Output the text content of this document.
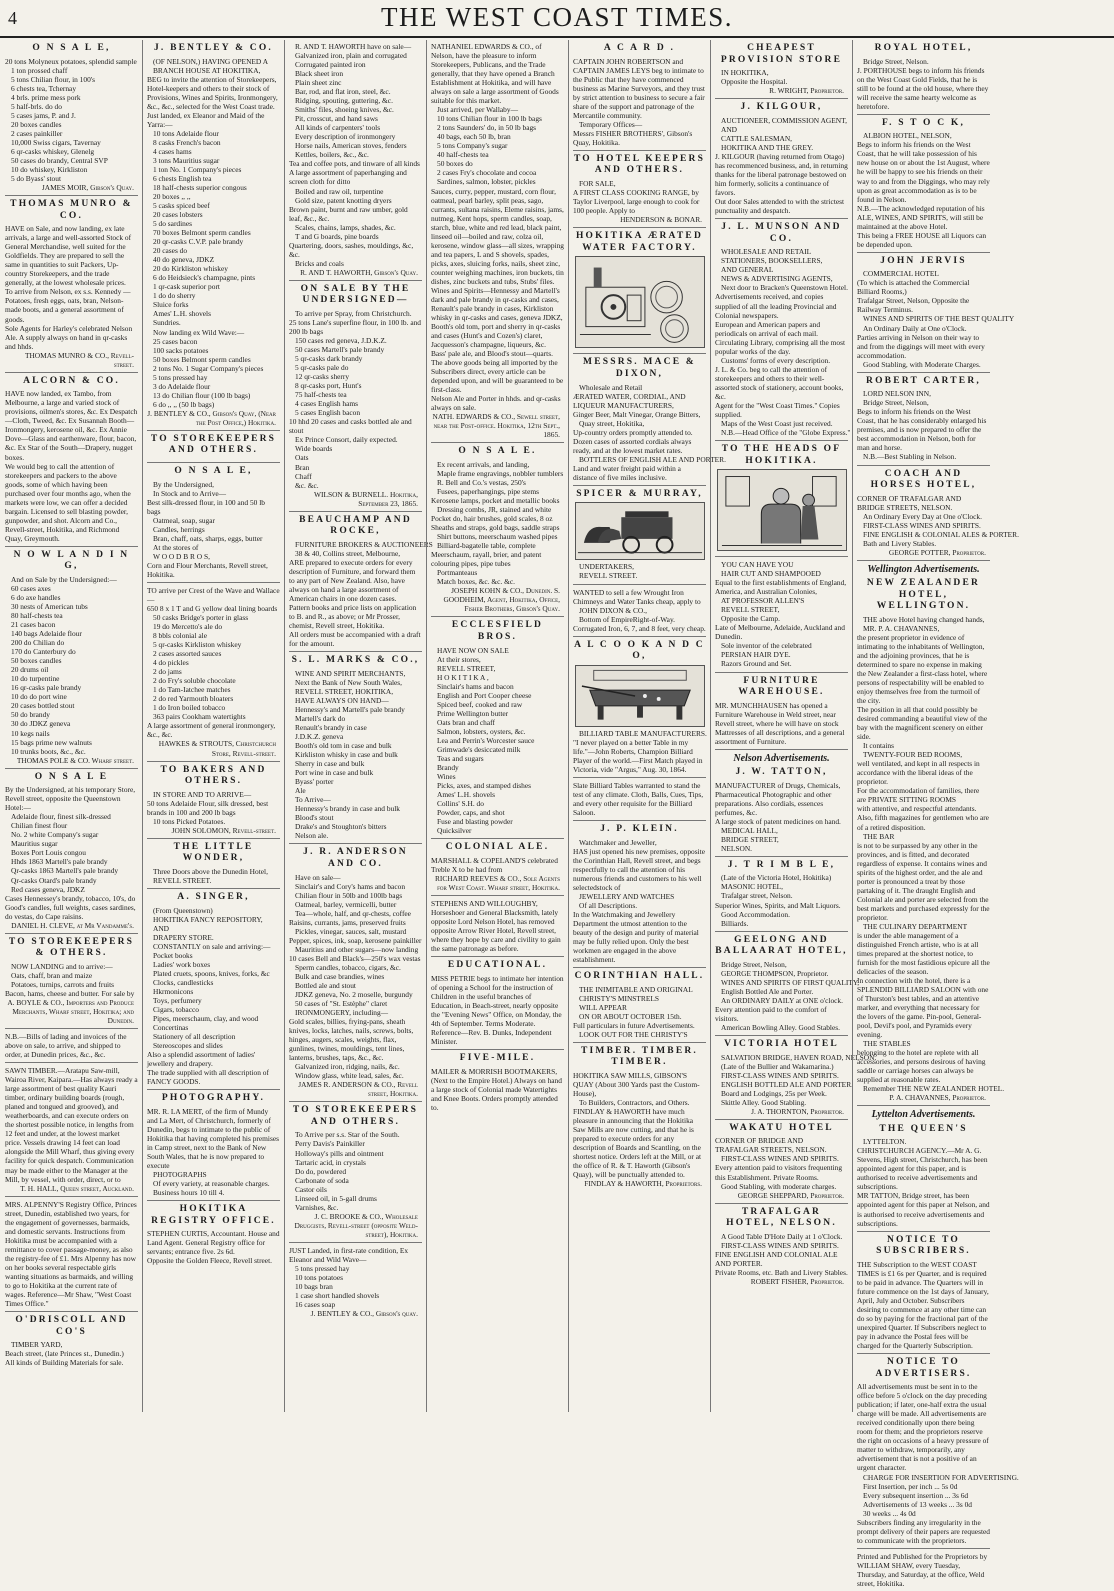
4	THE WEST COAST TIMES.
O N S A L E,
20 tons Molyneux potatoes, splendid sample
1 ton prossed chaff
5 tons Chilian flour, in 100's
6 chests tea, Tchernay
4 brls. prime mess pork
5 half-brls. do do
5 cases jams, P. and J.
20 boxes candles
2 cases painkiller
10,000 Swiss cigars, Tavernay
6 qr-casks whiskey, Glenelg
50 cases do brandy, Central SVP
10 do whiskey, Kirkliston
5 do Byass' stout
JAMES MOIR, Gibson's Quay.
THOMAS MUNRO & CO.
HAVE on Sale, and now landing, ex late arrivals, a large and well-assorted Stock of General Merchandise, well suited for the Goldfields. They are prepared to sell the same in quantities to suit Packers, Up-country Storekeepers, and the trade generally, at the lowest wholesale prices.
To arrive from Nelson, ex s.s. Kennedy —Potatoes, fresh eggs, oats, bran, Nelson-made boots, and a general assortment of goods.
Sole Agents for Harley's celebrated Nelson Ale. A supply always on hand in qr-casks and hhds.
THOMAS MUNRO & CO., Revell-street.
ALCORN & CO.
HAVE now landed, ex Tambo, from Melbourne, a large and varied stock of provisions, oilmen's stores, &c. Ex Despatch—Cloth, Tweed, &c. Ex Susannah Booth—Ironmongery, kerosene oil, &c. Ex Annie Dove—Glass and earthenware, flour, bacon, &c. Ex Star of the South—Drapery, nugget boxes.
We would beg to call the attention of storekeepers and packers to the above goods, some of which having been purchased over four months ago, when the markets were low, we can offer a decided bargain. Licensed to sell blasting powder, gunpowder, and shot. Alcorn and Co., Revell-street, Hokitika, and Richmond Quay, Greymouth.
N O W L A N D I N G,
And on Sale by the Undersigned:—
60 cases axes
6 do axe handles
30 nests of American tubs
80 half-chests tea
21 cases bacon
140 bags Adelaide flour
200 do Chilian do
170 do Canterbury do
50 boxes candles
20 drums oil
10 do turpentine
16 qr-casks pale brandy
10 do do port wine
20 cases bottled stout
50 do brandy
30 do JDKZ geneva
10 kegs nails
15 bags prime new walnuts
10 trunks boots, &c., &c.
THOMAS POLE & CO. Wharf street.
O N S A L E
By the Undersigned, at his temporary Store, Revell street, opposite the Queenstown Hotel:—
Adelaide flour, finest silk-dressed
Chilian finest flour
No. 2 white Company's sugar
Mauritius sugar
Boxes Port Louis congou
Hhds 1863 Martell's pale brandy
Qr-casks 1863 Martell's pale brandy
Qr-casks Otard's pale brandy
Red cases geneva, JDKZ
Cases Hennessey's brandy, tobacco, 10's, do Good's candles, full weights, cases sardines, do vestas, do Cape raisins.
DANIEL H. CLEVE, at Mr Vandamme's.
TO STOREKEEPERS & OTHERS.
NOW LANDING and to arrive:—
Oats, chaff, bran and maize
Potatoes, turnips, carrots and fruits
Bacon, hams, cheese and butter. For sale by
A. BOYLE & CO., Importers and Produce Merchants, Wharf street, Hokitika; and Dunedin.
N.B.—Bills of lading and invoices of the above on sale, to arrive, and shipped to order, at Dunedin prices, &c., &c.
SAWN TIMBER.—Aratapu Saw-mill, Wairoa River, Kaipara.—Has always ready a large assortment of best quality Kauri timber, ordinary building boards (rough, planed and tongued and grooved), and weatherboards, and can execute orders on the shortest possible notice, in lengths from 12 feet and under, at the lowest market price. Vessels drawing 14 feet can load alongside the Mill Wharf, thus giving every facility for quick despatch. Communication may be made either to the Manager at the Mill, by vessel, with order, direct, or to
T. H. HALL, Queen street, Auckland.
MRS. ALPENNY'S Registry Office, Princes street, Dunedin, established two years, for the engagement of governesses, barmaids, and domestic servants. Instructions from Hokitika must be accompanied with a remittance to cover passage-money, as also the registry-fee of £1. Mrs Alpenny has now on her books several respectable girls wanting situations as barmaids, and willing to go to Hokitika at the current rate of wages. Reference—Mr Shaw, "West Coast Times Office."
O'DRISCOLL AND CO'S
TIMBER YARD,
Beach street, (late Princes st., Dunedin.)
All kinds of Building Materials for sale.
J. BENTLEY & CO.
(OF NELSON,) HAVING OPENED A
BRANCH HOUSE AT HOKITIKA,
BEG to invite the attention of Storekeepers, Hotel-keepers and others to their stock of Provisions, Wines and Spirits, Ironmongery, &c., &c., selected for the West Coast trade.
Just landed, ex Eleanor and Maid of the Yarra:—
10 tons Adelaide flour
8 casks French's bacon
4 cases hams
3 tons Mauritius sugar
1 ton No. 1 Company's pieces
6 chests English tea
18 half-chests superior congous
20 boxes ,, ,,
5 casks spiced beef
20 cases lobsters
5 do sardines
70 boxes Belmont sperm candles
20 qr-casks C.V.P. pale brandy
20 cases do
40 do geneva, JDKZ
20 do Kirkliston whiskey
6 do Heidsieck's champagne, pints
1 qr-cask superior port
1 do do sherry
Sluice forks
Ames' L.H. shovels
Sundries.
Now landing ex Wild Wave:—
25 cases bacon
100 sacks potatoes
50 boxes Belmont sperm candles
2 tons No. 1 Sugar Company's pieces
5 tons pressed hay
3 do Adelaide flour
13 do Chilian flour (100 lb bags)
6 do ,, ,, (50 lb bags)
J. BENTLEY & CO., Gibson's Quay, (Near the Post Office,) Hokitika.
TO STOREKEEPERS AND OTHERS.
O N S A L E,
By the Undersigned,
In Stock and to Arrive—
Best silk-dressed flour, in 100 and 50 lb bags
Oatmeal, soap, sugar
Candles, herrings
Bran, chaff, oats, sharps, eggs, butter
At the stores of
W O O D B R O S,
Corn and Flour Merchants, Revell street, Hokitika.
TO arrive per Crest of the Wave and Wallace—
650 8 x 1 T and G yellow deal lining boards
50 casks Bridge's porter in glass
19 do Mercetto's ale do
8 bbls colonial ale
5 qr-casks Kirkliston whiskey
2 cases assorted sauces
4 do pickles
2 do jams
2 do Fry's soluble chocolate
1 do Tam-Iatchee matches
2 do red Yarmouth bloaters
1 do Iron boiled tobacco
363 pairs Cookham watertights
A large assortment of general ironmongery, &c., &c.
HAWKES & STROUTS, Christchurch Store, Revell-street.
TO BAKERS AND OTHERS.
IN STORE AND TO ARRIVE—
50 tons Adelaide Flour, silk dressed, best brands in 100 and 200 lb bags
10 tons Picked Potatoes.
JOHN SOLOMON, Revell-street.
THE LITTLE WONDER,
Three Doors above the Dunedin Hotel,
REVELL STREET.
A. SINGER,
(From Queenstown)
HOKITIKA FANCY REPOSITORY,
AND
DRAPERY STORE.
CONSTANTLY on sale and arriving:—
Pocket books
Ladies' work boxes
Plated cruets, spoons, knives, forks, &c
Clocks, candlesticks
Hkrmonicons
Toys, perfumery
Cigars, tobacco
Pipes, meerschaum, clay, and wood
Concertinas
Stationery of all description
Stereoscopes and slides
Also a splendid assortment of ladies' jewellery and drapery.
The trade supplied with all description of FANCY GOODS.
PHOTOGRAPHY.
MR. R. LA MERT, of the firm of Mundy and La Mert, of Christchurch, formerly of Dunedin, begs to intimate to the public of Hokitika that having completed his premises in Camp street, next to the Bank of New South Wales, that he is now prepared to execute
PHOTOGRAPHS
Of every variety, at reasonable charges.
Business hours 10 till 4.
HOKITIKA REGISTRY OFFICE.
STEPHEN CURTIS, Accountant. House and Land Agent. General Registry office for servants; entrance five. 2s 6d.
Opposite the Golden Fleece, Revell street.
R. AND T. HAWORTH have on sale—
Galvanized iron, plain and corrugated
Corrugated painted iron
Black sheet iron
Plain sheet zinc
Bar, rod, and flat iron, steel, &c.
Ridging, spouting, guttering, &c.
Smiths' files, shoeing knives, &c.
Pit, crosscut, and hand saws
All kinds of carpenters' tools
Every description of ironmongery
Horse nails, American stoves, fenders
Kettles, boilers, &c., &c.
Tea and coffee pots, and tinware of all kinds
A large assortment of paperhanging and screen cloth for ditto
Boiled and raw oil, turpentine
Gold size, patent knotting dryers
Brown paint, burnt and raw umber, gold leaf, &c., &c.
Scales, chains, lamps, shades, &c.
T and G boards, pine boards
Quartering, doors, sashes, mouldings, &c, &c.
Bricks and coals
R. AND T. HAWORTH, Gibson's Quay.
ON SALE BY THE UNDERSIGNED—
To arrive per Spray, from Christchurch.
25 tons Lane's superfine flour, in 100 lb. and 200 lb bags
150 cases red geneva, J.D.K.Z.
50 cases Martell's pale brandy
5 qr-casks dark brandy
5 qr-casks pale do
12 qr-casks sherry
8 qr-casks port, Hunt's
75 half-chests tea
4 cases English hams
5 cases English bacon
10 hhd 20 cases and casks bottled ale and stout
Ex Prince Consort, daily expected.
Wide boards
Oats
Bran
Chaff
&c. &c.
WILSON & BURNELL. Hokitika, September 23, 1865.
BEAUCHAMP AND ROCKE,
FURNITURE BROKERS & AUCTIONEERS
38 & 40, Collins street, Melbourne,
ARE prepared to execute orders for every description of Furniture, and forward them to any part of New Zealand. Also, have always on hand a large assortment of American chairs in one dozen cases.
Pattern books and price lists on application to B. and R., as above; or Mr Prosser, chemist, Revell street, Hokitika.
All orders must be accompanied with a draft for the amount.
S. L. MARKS & CO.,
WINE AND SPIRIT MERCHANTS,
Next the Bank of New South Wales,
REVELL STREET, HOKITIKA,
HAVE ALWAYS ON HAND—
Hennessy's and Martell's pale brandy
Martell's dark do
Renault's brandy in case
J.D.K.Z. geneva
Booth's old tom in case and bulk
Kirkliston whisky in case and bulk
Sherry in case and bulk
Port wine in case and bulk
Byass' porter
Ale
To Arrive—
Hennessy's brandy in case and bulk
Blood's stout
Drake's and Stoughton's bitters
Nelson ale.
J. R. ANDERSON AND CO.
Have on sale—
Sinclair's and Cory's hams and bacon
Chilian flour in 50lb and 100lb bags
Oatmeal, barley, vermicelli, butter
Tea—whole, half, and qr-chests, coffee
Raisins, currants, jams, preserved fruits
Pickles, vinegar, sauces, salt, mustard
Pepper, spices, ink, soap, kerosene painkiller
Mauritius and other sugars—now landing
10 cases Bell and Black's—250's wax vestas
Sperm candles, tobacco, cigars, &c.
Bulk and case brandies, wines
Bottled ale and stout
JDKZ geneva, No. 2 moselle, burgundy
50 cases of "St. Estèphe" claret
IRONMONGERY, including—
Gold scales, billies, frying-pans, sheath knives, locks, latches, nails, screws, bolts, hinges, augers, scales, weights, flax, gunlines, twines, mouldings, tent lines, lanterns, brushes, taps, &c., &c.
Galvanized iron, ridging, nails, &c.
Window glass, white lead, sales, &c.
JAMES R. ANDERSON & CO., Revell street, Hokitika.
TO STOREKEEPERS AND OTHERS.
To Arrive per s.s. Star of the South.
Perry Davis's Painkiller
Holloway's pills and ointment
Tartaric acid, in crystals
Do do, powdered
Carbonate of soda
Castor oils
Linseed oil, in 5-gall drums
Varnishes, &c.
J. C. BROOKE & CO., Wholesale Druggists, Revell-street (opposite Weld-street), Hokitika.
JUST Landed, in first-rate condition, Ex Eleanor and Wild Wave—
5 tons pressed hay
10 tons potatoes
10 bags bran
1 case short handled shovels
16 cases soap
J. BENTLEY & CO., Gibson's quay.
NATHANIEL EDWARDS & CO., of Nelson, have the pleasure to inform Storekeepers, Publicans, and the Trade generally, that they have opened a Branch Establishment at Hokitika, and will have always on sale a large assortment of Goods suitable for this market.
Just arrived, per Wallaby—
10 tons Chilian flour in 100 lb bags
2 tons Saunders' do, in 50 lb bags
40 bags, each 50 lb, bran
5 tons Company's sugar
40 half-chests tea
50 boxes do
2 cases Fry's chocolate and cocoa
Sardines, salmon, lobster, pickles
Sauces, curry, pepper, mustard, corn flour, oatmeal, pearl barley, split peas, sago, currants, sultana raisins, Eleme raisins, jams, nutmeg, Kent hops, sperm candles, soap, starch, blue, white and red lead, black paint, linseed oil—boiled and raw, colza oil, kerosene, window glass—all sizes, wrapping and tea papers, L and S shovels, spades, picks, axes, sluicing forks, nails, sheet zinc, counter weighing machines, iron buckets, tin dishes, zinc buckets and tubs, Stubs' files.
Wines and Spirits—Hennessy and Martell's dark and pale brandy in qr-casks and cases, Renault's pale brandy in cases, Kirkliston whisky in qr-casks and cases, geneva JDKZ, Booth's old tom, port and sherry in qr-casks and cases (Hunt's and Cozen's) claret, Jacquesson's champagne, liqueurs, &c.
Bass' pale ale, and Blood's stout—quarts.
The above goods being all imported by the Subscribers direct, every article can be depended upon, and will be guaranteed to be first-class.
Nelson Ale and Porter in hhds. and qr-casks always on sale.
NATH. EDWARDS & CO., Sewell street, near the Post-office. Hokitika, 12th Sept., 1865.
O N S A L E.
Ex recent arrivals, and landing,
Maple frame engravings, nobbler tumblers
R. Bell and Co.'s vestas, 250's
Fusees, paperhangings, pipe stems
Kerosene lamps, pocket and metallic books
Dressing combs, JR, stained and white
Pocket do, hair brushes, gold scales, 8 oz
Sheaths and straps, gold bags, saddle straps
Shirt buttons, meerschaum washed pipes
Billiard-bagatelle table, complete
Meerschaum, rayall, brier, and patent colouring pipes, pipe tubes
Portmanteaus
Match boxes, &c. &c. &c.
JOSEPH KOHN & CO., Dunedin. S. GOODHEIM, Agent, Hokitika, Office, Fisher Brothers, Gibson's Quay.
ECCLESFIELD BROS.
HAVE NOW ON SALE
At their stores,
REVELL STREET,
H O K I T I K A ,
Sinclair's hams and bacon
English and Port Cooper cheese
Spiced beef, cooked and raw
Prime Wellington butter
Oats bran and chaff
Salmon, lobsters, oysters, &c.
Lea and Perrin's Worcester sauce
Grimwade's desiccated milk
Teas and sugars
Brandy
Wines
Picks, axes, and stamped dishes
Ames' L.H. shovels
Collins' S.H. do
Powder, caps, and shot
Fuse and blasting powder
Quicksilver
COLONIAL ALE.
MARSHALL & COPELAND'S celebrated Treble X to be had from
RICHARD REEVES & CO., Sole Agents for West Coast. Wharf street, Hokitika.
STEPHENS AND WILLOUGHBY, Horseshoer and General Blacksmith, lately opposite Lord Nelson Hotel, has removed opposite Arrow River Hotel, Revell street, where they hope by care and civility to gain the same patronage as before.
EDUCATIONAL.
MISS PETRIE begs to intimate her intention of opening a School for the instruction of Children in the useful branches of Education, in Beach-street, nearly opposite the "Evening News" Office, on Monday, the 4th of September. Terms Moderate. Reference—Rev. B. Dunks, Independent Minister.
FIVE-MILE.
MAILER & MORRISH BOOTMAKERS, (Next to the Empire Hotel.) Always on hand a large stock of Colonial made Watertights and Knee Boots. Orders promptly attended to.
A C A R D .
CAPTAIN JOHN ROBERTSON and CAPTAIN JAMES LEYS beg to intimate to the Public that they have commenced business as Marine Surveyors, and they trust by strict attention to business to secure a fair share of the support and patronage of the Mercantile community.
Temporary Offices—
Messrs FISHER BROTHERS', Gibson's Quay, Hokitika.
TO HOTEL KEEPERS AND OTHERS.
FOR SALE,
A FIRST CLASS COOKING RANGE, by Taylor Liverpool, large enough to cook for 100 people. Apply to
HENDERSON & BONAR.
HOKITIKA ÆRATED WATER FACTORY.
MESSRS. MACE & DIXON,
Wholesale and Retail
ÆRATED WATER, CORDIAL, AND LIQUEUR MANUFACTURERS,
Ginger Beer, Malt Vinegar, Orange Bitters,
Quay street, Hokitika,
Up-country orders promptly attended to. Dozen cases of assorted cordials always ready, and at the lowest market rates.
BOTTLERS OF ENGLISH ALE AND PORTER.
Land and water freight paid within a distance of five miles inclusive.
SPICER & MURRAY,
UNDERTAKERS,
REVELL STREET.
WANTED to sell a few Wrought Iron Chimneys and Water Tanks cheap, apply to
JOHN DIXON & CO.,
Bottom of EmpireRight-of-Way.
Corrugated Iron, 6, 7, and 8 feet, very cheap.
A L C O O K A N D C O,
BILLIARD TABLE MANUFACTURERS.
"I never played on a better Table in my life."—John Roberts, Champion Billiard Player of the world.—First Match played in Victoria, vide "Argus," Aug. 30, 1864.
Slate Billiard Tables warranted to stand the test of any climate. Cloth, Balls, Cues, Tips, and every other requisite for the Billiard Saloon.
J. P. KLEIN.
Watchmaker and Jeweller,
HAS just opened his new premises, opposite the Corinthian Hall, Revell street, and begs respectfully to call the attention of his numerous friends and customers to his well selectedstock of
JEWELLERY AND WATCHES
Of all Descriptions.
In the Watchmaking and Jewellery Department the utmost attention to the beauty of the design and purity of material may be fully relied upon. Only the best workmen are engaged in the above establishment.
CORINTHIAN HALL.
THE INIMITABLE AND ORIGINAL
CHRISTY'S MINSTRELS
WILL APPEAR
ON OR ABOUT OCTOBER 15th.
Full particulars in future Advertisements.
LOOK OUT FOR THE CHRISTY'S
TIMBER. TIMBER. TIMBER.
HOKITIKA SAW MILLS, GIBSON'S QUAY (About 300 Yards past the Custom-House),
To Builders, Contractors, and Others.
FINDLAY & HAWORTH have much pleasure in announcing that the Hokitika Saw Mills are now cutting, and that he is prepared to execute orders for any description of Boards and Scantling, on the shortest notice. Orders left at the Mill, or at the office of R. & T. Haworth (Gibson's Quay), will be punctually attended to.
FINDLAY & HAWORTH, Proprietors.
CHEAPEST PROVISION STORE
IN HOKITIKA,
Opposite the Hospital.
R. WRIGHT, Proprietor.
J. KILGOUR,
AUCTIONEER, COMMISSION AGENT,
AND
CATTLE SALESMAN,
HOKITIKA AND THE GREY.
J. KILGOUR (having returned from Otago) has recommenced business, and, in returning thanks for the liberal patronage bestowed on him formerly, solicits a continuance of favors.
Out door Sales attended to with the strictest punctuality and despatch.
J. L. MUNSON AND CO.
WHOLESALE AND RETAIL
STATIONERS, BOOKSELLERS,
AND GENERAL
NEWS & ADVERTISING AGENTS,
Next door to Bracken's Queenstown Hotel.
Advertisements received, and copies supplied of all the leading Provincial and Colonial newspapers.
European and American papers and periodicals on arrival of each mail.
Circulating Library, comprising all the most popular works of the day.
Customs' forms of every description.
J. L. & Co. beg to call the attention of storekeepers and others to their well-assorted stock of stationery, account books, &c.
Agent for the "West Coast Times." Copies supplied.
Maps of the West Coast just received.
N.B.—Head Office of the "Globe Express."
TO THE HEADS OF HOKITIKA.
YOU CAN HAVE YOU
HAIR CUT AND SHAMPOOED
Equal to the first establishments of England, America, and Australian Colonies,
AT PROFESSOR ALLEN'S
REVELL STREET,
Opposite the Camp.
Late of Melbourne, Adelaide, Auckland and Dunedin.
Sole inventor of the celebrated
PERSIAN HAIR DYE.
Razors Ground and Set.
FURNITURE WAREHOUSE.
MR. MUNCHHAUSEN has opened a Furniture Warehouse in Weld street, near Revell street, where he will have on stock Mattresses of all descriptions, and a general assortment of Furniture.
Nelson Advertisements.
J. W. TATTON,
MANUFACTURER of Drugs, Chemicals, Pharmaceutical Photographic and other preparations. Also cordials, essences perfumes, &c.
A large stock of patent medicines on hand.
MEDICAL HALL,
BRIDGE STREET,
NELSON.
J. T R I M B L E,
(Late of the Victoria Hotel, Hokitika)
MASONIC HOTEL,
Trafalgar street, Nelson.
Superior Wines, Spirits, and Malt Liquors.
Good Accommodation.
Billiards.
GEELONG AND BALLAARAT HOTEL,
Bridge Street, Nelson,
GEORGE THOMPSON, Proprietor.
WINES AND SPIRITS OF FIRST QUALITY,
English Bottled Ale and Porter.
An ORDINARY DAILY at ONE o'clock.
Every attention paid to the comfort of visitors.
American Bowling Alley. Good Stables.
VICTORIA HOTEL
SALVATION BRIDGE, HAVEN ROAD, NELSON.
(Late of the Bullier and Wakamarina.)
FIRST-CLASS WINES AND SPIRITS.
ENGLISH BOTTLED ALE AND PORTER.
Board and Lodgings, 25s per Week.
Skittle Alley. Good Stabling.
J. A. THORNTON, Proprietor.
WAKATU HOTEL
CORNER OF BRIDGE AND TRAFALGAR STREETS, NELSON.
FIRST-CLASS WINES AND SPIRITS.
Every attention paid to visitors frequenting this Establishment. Private Rooms.
Good Stabling, with moderate charges.
GEORGE SHEPPARD, Proprietor.
TRAFALGAR HOTEL, NELSON.
A Good Table D'Hote Daily at 1 o'Clock.
FIRST-CLASS WINES AND SPIRITS.
FINE ENGLISH AND COLONIAL ALE AND PORTER.
Private Rooms, etc. Bath and Livery Stables.
ROBERT FISHER, Proprietor.
ROYAL HOTEL,
Bridge Street, Nelson.
J. PORTHOUSE begs to inform his friends on the West Coast Gold Fields, that he is still to be found at the old house, where they will receive the same hearty welcome as heretofore.
F. S T O C K,
ALBION HOTEL, NELSON,
Begs to inform his friends on the West Coast, that he will take possession of his new house on or about the 1st August, where he will be happy to see his friends on their way to and from the Diggings, who may rely upon as great accommodation as is to be found in Nelson.
N.B.—The acknowledged reputation of his ALE, WINES, AND SPIRITS, will still be maintained at the above Hotel.
This being a FREE HOUSE all Liquors can be depended upon.
JOHN JERVIS
COMMERCIAL HOTEL
(To which is attached the Commercial Billiard Rooms,)
Trafalgar Street, Nelson, Opposite the Railway Terminus.
WINES AND SPIRITS OF THE BEST QUALITY
An Ordinary Daily at One o'Clock.
Parties arriving in Nelson on their way to and from the diggings will meet with every accommodation.
Good Stabling, with Moderate Charges.
ROBERT CARTER,
LORD NELSON INN,
Bridge Street, Nelson,
Begs to inform his friends on the West Coast, that he has considerably enlarged his premises, and is now prepared to offer the best accommodation in Nelson, both for man and horse.
N.B.—Best Stabling in Nelson.
COACH AND HORSES HOTEL,
CORNER OF TRAFALGAR AND BRIDGE STREETS, NELSON.
An Ordinary Every Day at One o'Clock.
FIRST-CLASS WINES AND SPIRITS.
FINE ENGLISH & COLONIAL ALES & PORTER.
Bath and Livery Stables.
GEORGE POTTER, Proprietor.
Wellington Advertisements.
NEW ZEALANDER HOTEL, WELLINGTON.
THE above Hotel having changed hands,
MR. P. A. CHAVANNES,
the present proprietor in evidence of intimating to the inhabitants of Wellington, and the adjoining provinces, that he is determined to spare no expense in making the New Zealander a first-class hotel, where persons of respectability will be enabled to enjoy themselves free from the turmoil of the city.
The position in all that could possibly be desired commanding a beautiful view of the bay with the magnificent scenery on either side.
It contains
TWENTY-FOUR BED ROOMS,
well ventilated, and kept in all respects in accordance with the liberal ideas of the proprietor.
For the accommodation of families, there are PRIVATE SITTING ROOMS
with attentive, and respectful attendants.
Also, fifth magazines for gentlemen who are of a retired disposition.
THE BAR
is not to be surpassed by any other in the provinces, and is fitted, and decorated regardless of expense. It contains wines and spirits of the highest order, and the ale and porter is pronounced a treat by those partaking of it. The draught English and Colonial ale and porter are selected from the best markets and purchased expressly for the proprietor.
THE CULINARY DEPARTMENT
is under the able management of a distinguished French artiste, who is at all times prepared at the shortest notice, to furnish for the most fastidious epicure all the delicacies of the season.
In connection with the hotel, there is a SPLENDID BILLIARD SALOON with one of Thurston's best tables, and an attentive marker, and everything that necessary for the lovers of the game. Pin-pool, General-pool, Devil's pool, and Pyramids every evening.
THE STABLES
belonging to the hotel are replete with all accessories, and persons desirous of having saddle or carriage horses can always be supplied at reasonable rates.
Remember THE NEW ZEALANDER HOTEL.
P. A. CHAVANNES, Proprietor.
Lyttelton Advertisements.
THE QUEEN'S
LYTTELTON.
CHRISTCHURCH AGENCY.—Mr A. G. Stevens, High street, Christchurch, has been appointed agent for this paper, and is authorised to receive advertisements and subscriptions.
MR TATTON, Bridge street, has been appointed agent for this paper at Nelson, and is authorised to receive advertisements and subscriptions.
NOTICE TO SUBSCRIBERS.
THE Subscription to the WEST COAST TIMES is £1 6s per Quarter, and is required to be paid in advance. The Quarters will in future commence on the 1st days of January, April, July and October. Subscribers desiring to commence at any other time can do so by paying for the fractional part of the unexpired Quarter. If Subscribers neglect to pay in advance the Postal fees will be charged for the Quarterly Subscription.
NOTICE TO ADVERTISERS.
All advertisements must be sent in to the office before 5 o'clock on the day preceding publication; if later, one-half extra the usual charge will be made. All advertisements are received conditionally upon there being room for them; and the proprietors reserve the right on occasions of a heavy pressure of matter to withdraw, temporarily, any advertisement that is not a positive of an urgent character.
CHARGE FOR INSERTION FOR ADVERTISING.
First Insertion, per inch ... 5s 0d
Every subsequent insertion ... 3s 6d
Advertisements of 13 weeks ... 3s 0d
30 weeks ... 4s 0d
Subscribers finding any irregularity in the prompt delivery of their papers are requested to communicate with the proprietors.
Printed and Published for the Proprietors by WILLIAM SHAW, every Tuesday, Thursday, and Saturday, at the office, Weld street, Hokitika.
